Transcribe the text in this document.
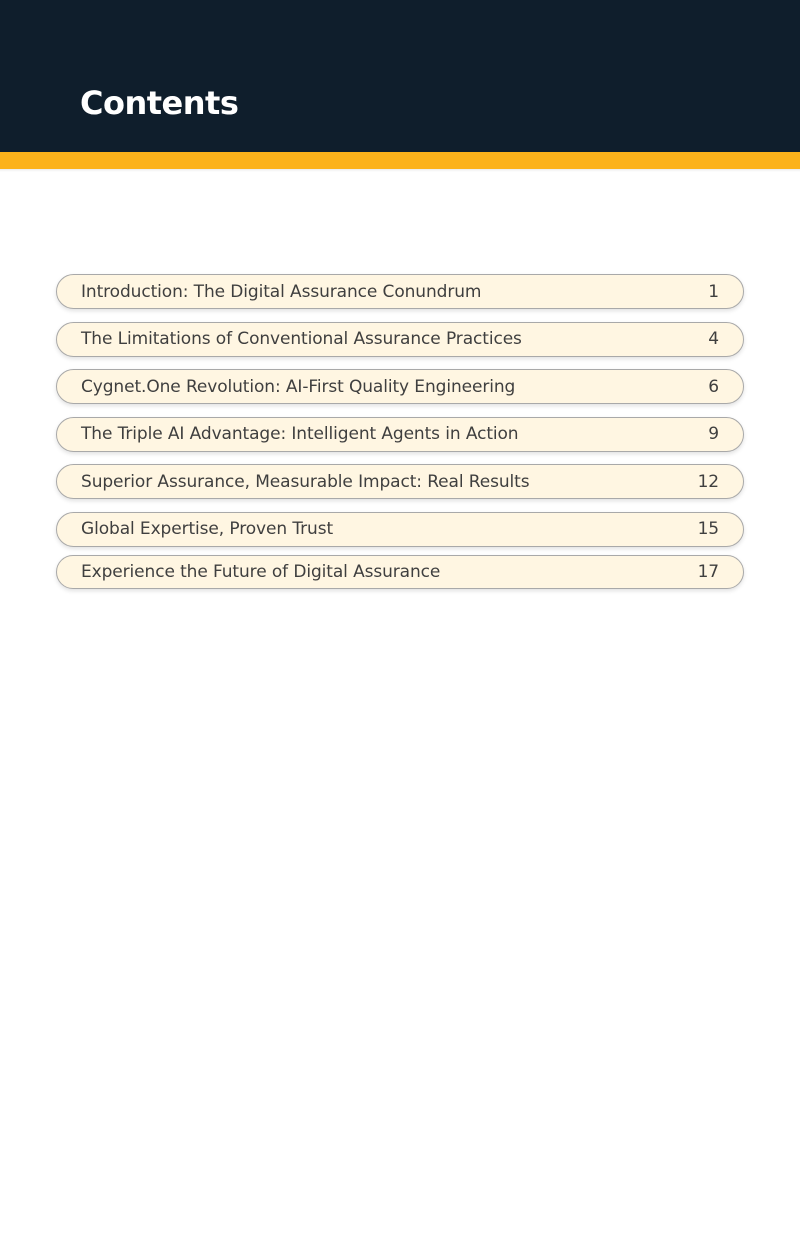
Contents
Introduction: The Digital Assurance Conundrum	1
The Limitations of Conventional Assurance Practices	4
Cygnet.One Revolution: AI-First Quality Engineering	6
The Triple AI Advantage: Intelligent Agents in Action	9
Superior Assurance, Measurable Impact: Real Results	12
Global Expertise, Proven Trust	15
Experience the Future of Digital Assurance	17
